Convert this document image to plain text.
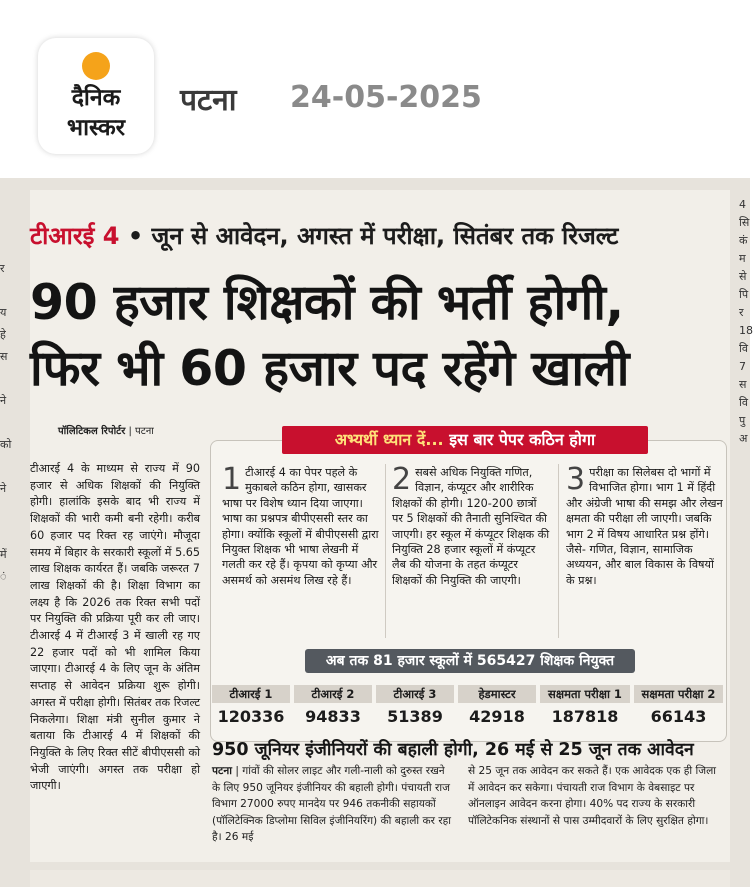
दैनिक
भास्कर
पटना 24-05-2025
र

य
हे
स

ने

को

ने

में
ं
4
सि
कं
म
से
पि
र
18
वि
7
स
वि
पु
अ
टीआरई 4 • जून से आवेदन, अगस्त में परीक्षा, सितंबर तक रिजल्ट
90 हजार शिक्षकों की भर्ती होगी,
फिर भी 60 हजार पद रहेंगे खाली
पॉलिटिकल रिपोर्टर | पटना	अभ्यर्थी ध्यान दें... इस बार पेपर कठिन होगा

टीआरई 4 के माध्यम से राज्य में 90 हजार से अधिक शिक्षकों की नियुक्ति होगी। हालांकि इसके बाद भी राज्य में शिक्षकों की भारी कमी बनी रहेगी। करीब 60 हजार पद रिक्त रह जाएंगे। मौजूदा समय में बिहार के सरकारी स्कूलों में 5.65 लाख शिक्षक कार्यरत हैं। जबकि जरूरत 7 लाख शिक्षकों की है। शिक्षा विभाग का लक्ष्य है कि 2026 तक रिक्त सभी पदों पर नियुक्ति की प्रक्रिया पूरी कर ली जाए। टीआरई 4 में टीआरई 3 में खाली रह गए 22 हजार पदों को भी शामिल किया जाएगा। टीआरई 4 के लिए जून के अंतिम सप्ताह से आवेदन प्रक्रिया शुरू होगी। अगस्त में परीक्षा होगी। सितंबर तक रिजल्ट निकलेगा। शिक्षा मंत्री सुनील कुमार ने बताया कि टीआरई 4 में शिक्षकों की नियुक्ति के लिए रिक्त सीटें बीपीएससी को भेजी जाएंगी। अगस्त तक परीक्षा हो जाएगी।

1 टीआरई 4 का पेपर पहले के मुकाबले कठिन होगा, खासकर भाषा पर विशेष ध्यान दिया जाएगा। भाषा का प्रश्नपत्र बीपीएससी स्तर का होगा। क्योंकि स्कूलों में बीपीएससी द्वारा नियुक्त शिक्षक भी भाषा लेखनी में गलती कर रहे हैं। कृपया को कृप्या और असमर्थ को असमंथ लिख रहे हैं।
2 सबसे अधिक नियुक्ति गणित, विज्ञान, कंप्यूटर और शारीरिक शिक्षकों की होगी। 120-200 छात्रों पर 5 शिक्षकों की तैनाती सुनिश्चित की जाएगी। हर स्कूल में कंप्यूटर शिक्षक की नियुक्ति 28 हजार स्कूलों में कंप्यूटर लैब की योजना के तहत कंप्यूटर शिक्षकों की नियुक्ति की जाएगी।
3 परीक्षा का सिलेबस दो भागों में विभाजित होगा। भाग 1 में हिंदी और अंग्रेजी भाषा की समझ और लेखन क्षमता की परीक्षा ली जाएगी। जबकि भाग 2 में विषय आधारित प्रश्न होंगे। जैसे- गणित, विज्ञान, सामाजिक अध्ययन, और बाल विकास के विषयों के प्रश्न।
अब तक 81 हजार स्कूलों में 565427 शिक्षक नियुक्त
टीआरई 1
120336
टीआरई 2
94833
टीआरई 3
51389
हेडमास्टर
42918
सक्षमता परीक्षा 1
187818
सक्षमता परीक्षा 2
66143
950 जूनियर इंजीनियरों की बहाली होगी, 26 मई से 25 जून तक आवेदन
पटना | गांवों की सोलर लाइट और गली-नाली को दुरुस्त रखने के लिए 950 जूनियर इंजीनियर की बहाली होगी। पंचायती राज विभाग 27000 रुपए मानदेय पर 946 तकनीकी सहायकों (पॉलिटेक्निक डिप्लोमा सिविल इंजीनियरिंग) की बहाली कर रहा है। 26 मई
से 25 जून तक आवेदन कर सकते हैं। एक आवेदक एक ही जिला में आवेदन कर सकेगा। पंचायती राज विभाग के वेबसाइट पर ऑनलाइन आवेदन करना होगा। 40% पद राज्य के सरकारी पॉलिटेकनिक संस्थानों से पास उम्मीदवारों के लिए सुरक्षित होगा।
